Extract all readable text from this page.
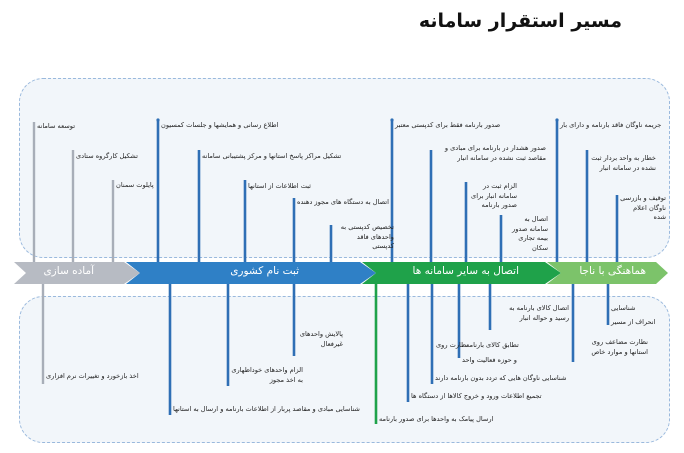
مسیر استقرار سامانه
آماده سازی	ثبت نام کشوری	اتصال به سایر سامانه ها	هماهنگی با ناجا
توسعه سامانه
تشکیل کارگروه ستادی
پایلوت سمنان
اطلاع رسانی و همایشها و جلسات کمسیون
تشکیل مراکز پاسخ استانها و مرکز پشتیبانی سامانه
ثبت اطلاعات از استانها
اتصال به دستگاه های مجوز دهنده
تخصیص کدپستی به واحدهای فاقد کدپستی
صدور بارنامه فقط برای کدپستی معتبر
صدور هشدار در بارنامه برای مبادی و مقاصد ثبت نشده در سامانه انبار
الزام ثبت در سامانه انبار برای صدور بارنامه
اتصال به سامانه صدور بیمه تجاری سکان
جریمه ناوگان فاقد بارنامه و دارای بار
خطار به واحد بردار ثبت نشده در سامانه انبار
توقیف و بازرسی ناوگان اعلام شده
اخذ بازخورد و تغییرات نرم افزاری
شناسایی مبادی و مقاصد پربار از اطلاعات بارنامه و ارسال به استانها
الزام واحدهای خوداظهاری به اخذ مجوز
پالایش واحدهای غیرفعال
ارسال پیامک به واحدها برای صدور بارنامه
تجمیع اطلاعات ورود و خروج کالاها از دستگاه ها
شناسایی ناوگان هایی که تردد بدون بارنامه دارند
و حوزه فعالیت واحد
تطابق کالای بارنامه
نظارت روی
اتصال کالای بارنامه به رسید و حواله انبار
نظارت مضاعف روی استانها و موارد خاص
انحراف از مسیر
شناسایی
